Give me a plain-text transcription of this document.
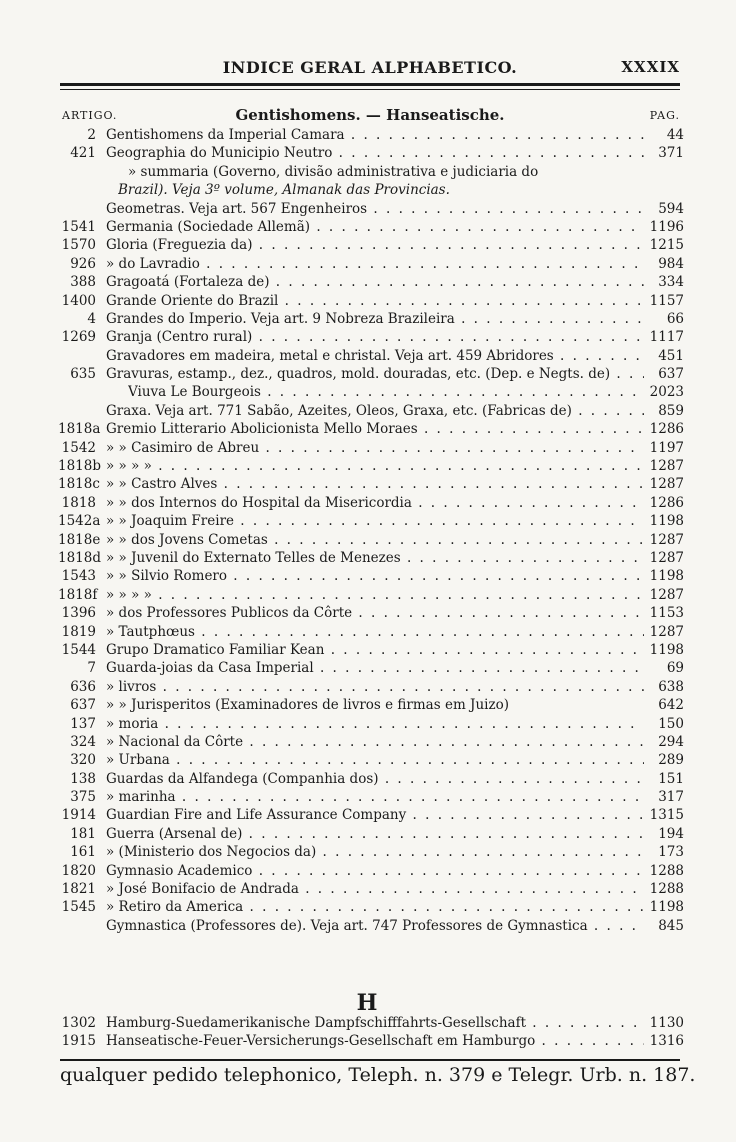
INDICE GERAL ALPHABETICO.	XXXIX
ARTIGO.	Gentishomens. — Hanseatische.	PAG.
2 Gentishomens da Imperial Camara . . .	44
421 Geographia do Municipio Neutro . . .	371
» summaria (Governo, divisão administrativa e judiciaria do
Brazil). Veja 3º volume, Almanak das Provincias.
Geometras. Veja art. 567 Engenheiros . . .	594
1541 Germania (Sociedade Allemã) . . .	1196
1570 Gloria (Freguezia da) . . .	1215
926 » do Lavradio . . .	984
388 Gragoatá (Fortaleza de) . . .	334
1400 Grande Oriente do Brazil . . .	1157
4 Grandes do Imperio. Veja art. 9 Nobreza Brazileira . . .	66
1269 Granja (Centro rural) . . .	1117
Gravadores em madeira, metal e christal. Veja art. 459 Abridores . . .	451
635 Gravuras, estamp., dez., quadros, mold. douradas, etc. (Dep. e Negts. de) . . .	637
Viuva Le Bourgeois . . .	2023
Graxa. Veja art. 771 Sabão, Azeites, Oleos, Graxa, etc. (Fabricas de) . . .	859
1818a Gremio Litterario Abolicionista Mello Moraes . . .	1286
1542 » » Casimiro de Abreu . . .	1197
1818b » » » » . . .	1287
1818c » » Castro Alves . . .	1287
1818 » » dos Internos do Hospital da Misericordia . . .	1286
1542a » » Joaquim Freire . . .	1198
1818e » » dos Jovens Cometas . . .	1287
1818d » » Juvenil do Externato Telles de Menezes . . .	1287
1543 » » Silvio Romero . . .	1198
1818f » » » » . . .	1287
1396 » dos Professores Publicos da Côrte . . .	1153
1819 » Tautphœus . . .	1287
1544 Grupo Dramatico Familiar Kean . . .	1198
7 Guarda-joias da Casa Imperial . . .	69
636 » livros . . .	638
637 » » Jurisperitos (Examinadores de livros e firmas em Juizo)	642
137 » moria . . .	150
324 » Nacional da Côrte . . .	294
320 » Urbana . . .	289
138 Guardas da Alfandega (Companhia dos) . . .	151
375 » marinha . . .	317
1914 Guardian Fire and Life Assurance Company . . .	1315
181 Guerra (Arsenal de) . . .	194
161 » (Ministerio dos Negocios da) . . .	173
1820 Gymnasio Academico . . .	1288
1821 » José Bonifacio de Andrada . . .	1288
1545 » Retiro da America . . .	1198
Gymnastica (Professores de). Veja art. 747 Professores de Gymnastica . . .	845
H
1302 Hamburg-Suedamerikanische Dampfschifffahrts-Gesellschaft . . .	1130
1915 Hanseatische-Feuer-Versicherungs-Gesellschaft em Hamburgo . . .	1316
qualquer pedido telephonico, Teleph. n. 379 e Telegr. Urb. n. 187.
